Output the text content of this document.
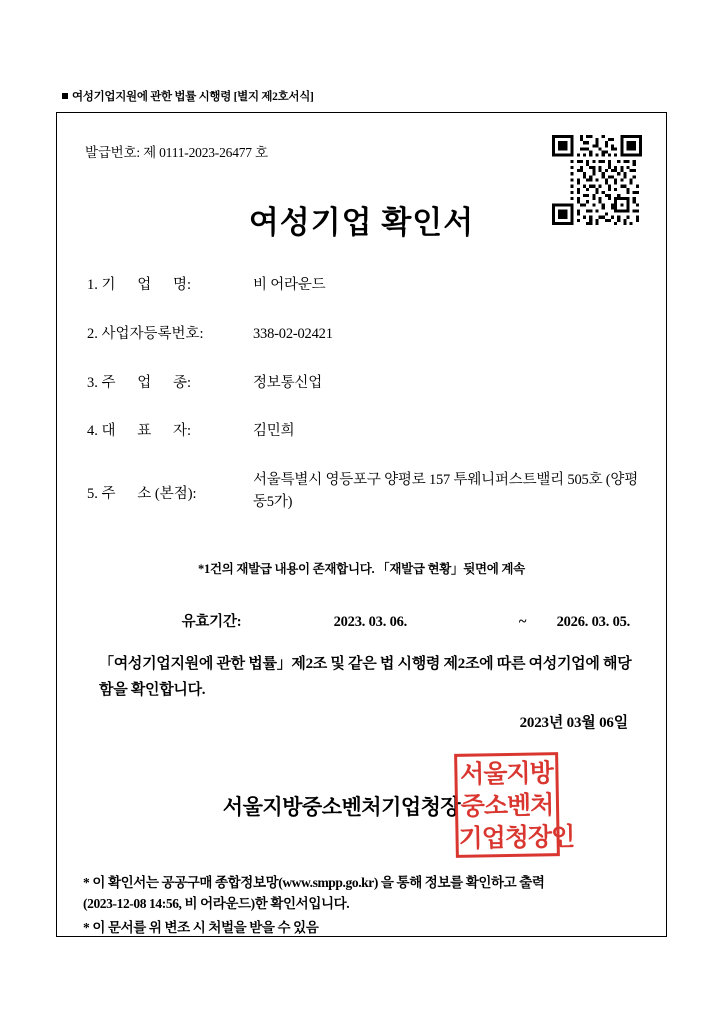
여성기업지원에 관한 법률 시행령 [별지 제2호서식]
발급번호: 제 0111-2023-26477 호
여성기업 확인서
1. 기      업      명:	비 어라운드
2. 사업자등록번호:	338-02-02421
3. 주      업      종:	정보통신업
4. 대      표      자:	김민희
5. 주      소 (본점):
서울특별시 영등포구 양평로 157 투웨니퍼스트밸리 505호 (양평동5가)
*1건의 재발급 내용이 존재합니다. 「재발급 현황」뒷면에 계속

유효기간:	2023. 03. 06.	~ 2026. 03. 05.

「여성기업지원에 관한 법률」제2조 및 같은 법 시행령 제2조에 따른 여성기업에 해당함을 확인합니다.
2023년 03월 06일
서울지방중소벤처기업청장
서울지방
중소벤처
기업청장인
* 이 확인서는 공공구매 종합정보망(www.smpp.go.kr) 을 통해 정보를 확인하고 출력
(2023-12-08 14:56, 비 어라운드)한 확인서입니다.
* 이 문서를 위 변조 시 처벌을 받을 수 있음
